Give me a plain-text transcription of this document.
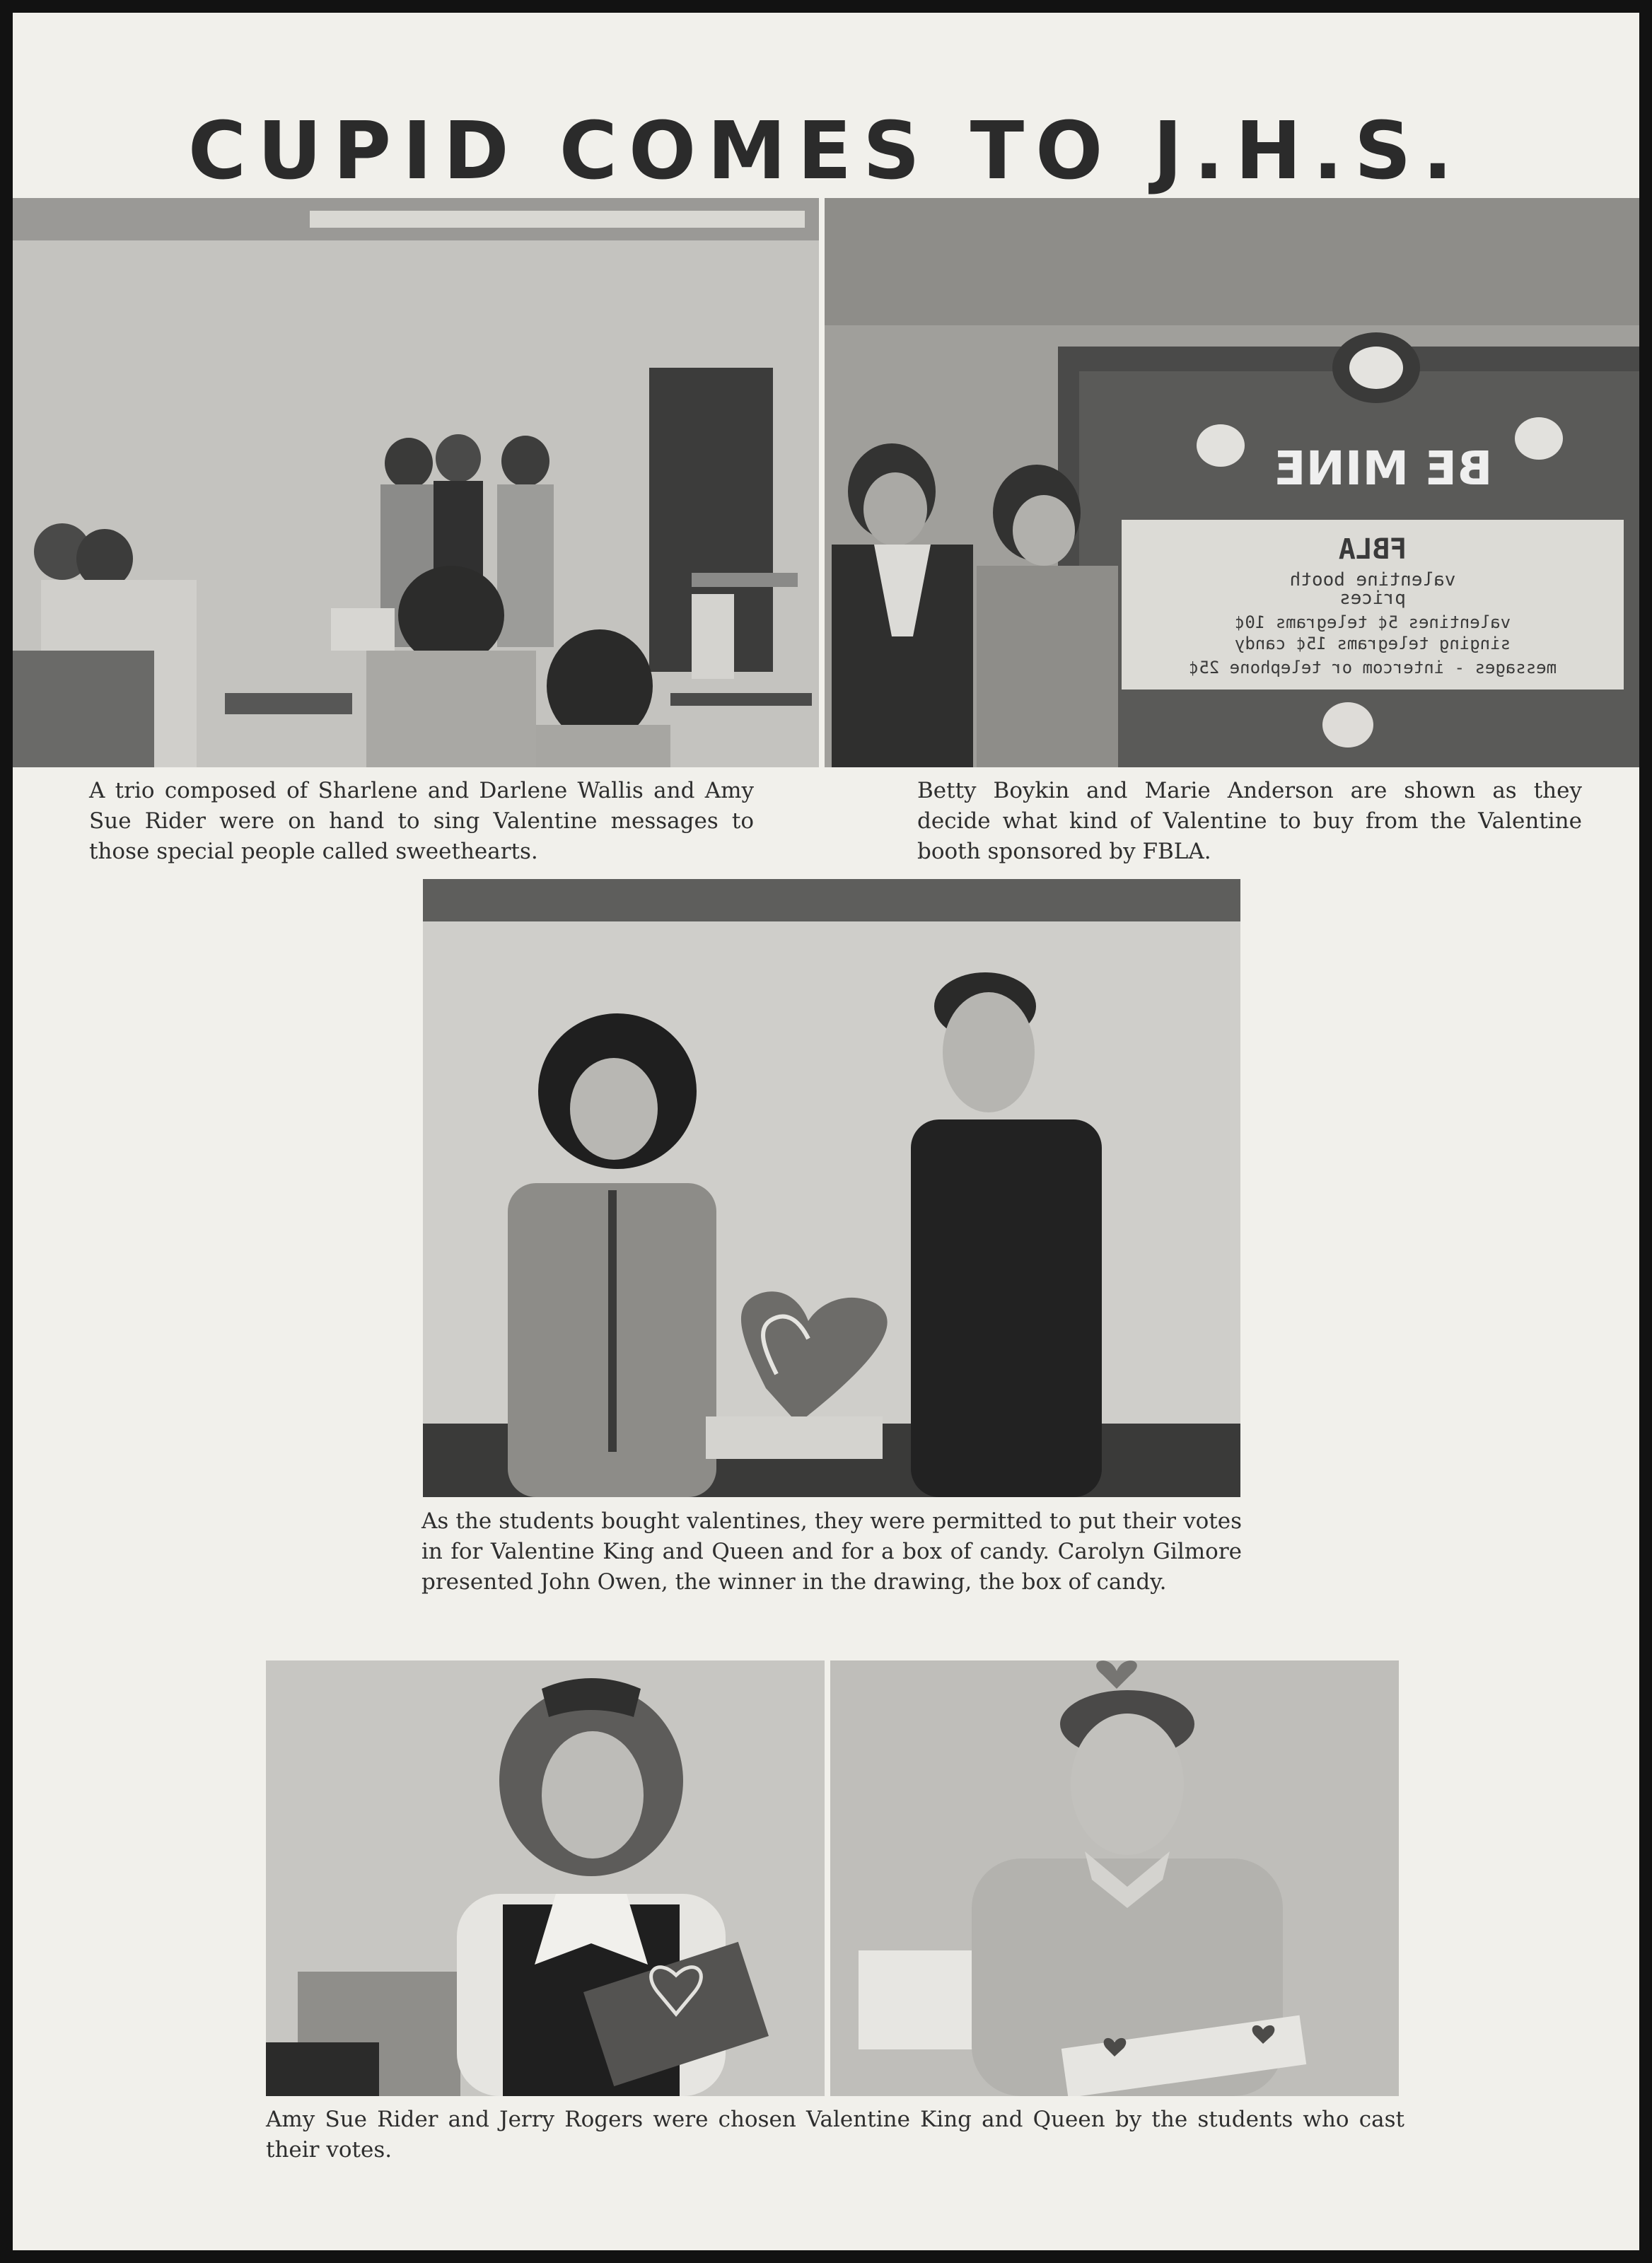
CUPID COMES TO J.H.S.
BE MINE
FBLA
valentine booth
prices
valentines 5¢ telegrams 10¢
singing telegrams 15¢ candy
messages - intercom or telephone 25¢

A trio composed of Sharlene and Darlene Wallis and Amy Sue Rider were on hand to sing Valentine messages to those special people called sweethearts.

Betty Boykin and Marie Anderson are shown as they decide what kind of Valentine to buy from the Valentine booth sponsored by FBLA.

As the students bought valentines, they were permitted to put their votes in for Valentine King and Queen and for a box of candy. Carolyn Gilmore presented John Owen, the winner in the drawing, the box of candy.

Amy Sue Rider and Jerry Rogers were chosen Valentine King and Queen by the students who cast their votes.
